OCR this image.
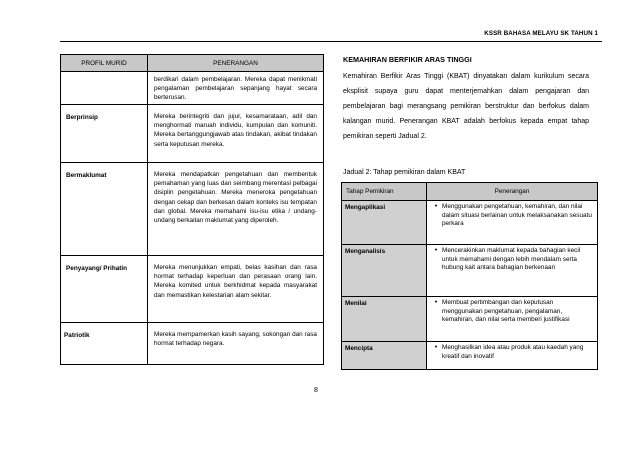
KSSR BAHASA MELAYU SK TAHUN 1
PROFIL MURID	PENERANGAN
	berdikari dalam pembelajaran. Mereka dapat menikmati pengalaman pembelajaran sepanjang hayat secara berterusan.
Berprinsip	Mereka berintegriti dan jujur, kesamarataan, adil dan menghormati maruah individu, kumpulan dan komuniti. Mereka bertanggungjawab atas tindakan, akibat tindakan serta keputusan mereka.
Bermaklumat	Mereka mendapatkan pengetahuan dan membentuk pemahaman yang luas dan seimbang merentasi pelbagai disiplin pengetahuan. Mereka meneroka pengetahuan dengan cekap dan berkesan dalam konteks isu tempatan dan global. Mereka memahami isu-isu etika / undang-undang berkaitan maklumat yang diperoleh.
Penyayang/ Prihatin	Mereka menunjukkan empati, belas kasihan dan rasa hormat terhadap keperluan dan perasaan orang lain. Mereka komited untuk berkhidmat kepada masyarakat dan memastikan kelestarian alam sekitar.
Patriotik	Mereka mempamerkan kasih sayang, sokongan dan rasa hormat terhadap negara.
KEMAHIRAN BERFIKIR ARAS TINGGI
Kemahiran Berfikir Aras Tinggi (KBAT) dinyatakan dalam kurikulum secara eksplisit supaya guru dapat menterjemahkan dalam pengajaran dan pembelajaran bagi merangsang pemikiran berstruktur dan berfokus dalam kalangan murid. Penerangan KBAT adalah berfokus kepada empat tahap pemikiran seperti Jadual 2.
Jadual 2: Tahap pemikiran dalam KBAT
Tahap Pemikiran	Penerangan
Mengaplikasi	• Menggunakan pengetahuan, kemahiran, dan nilai dalam situasi berlainan untuk melaksanakan sesuatu perkara

Menganalisis	• Mencerakinkan maklumat kepada bahagian kecil untuk memahami dengan lebih mendalam serta hubung kait antara bahagian berkenaan

Menilai	• Membuat pertimbangan dan keputusan menggunakan pengetahuan, pengalaman, kemahiran, dan nilai serta memberi justifikasi

Mencipta	• Menghasilkan idea atau produk atau kaedah yang kreatif dan inovatif
8
